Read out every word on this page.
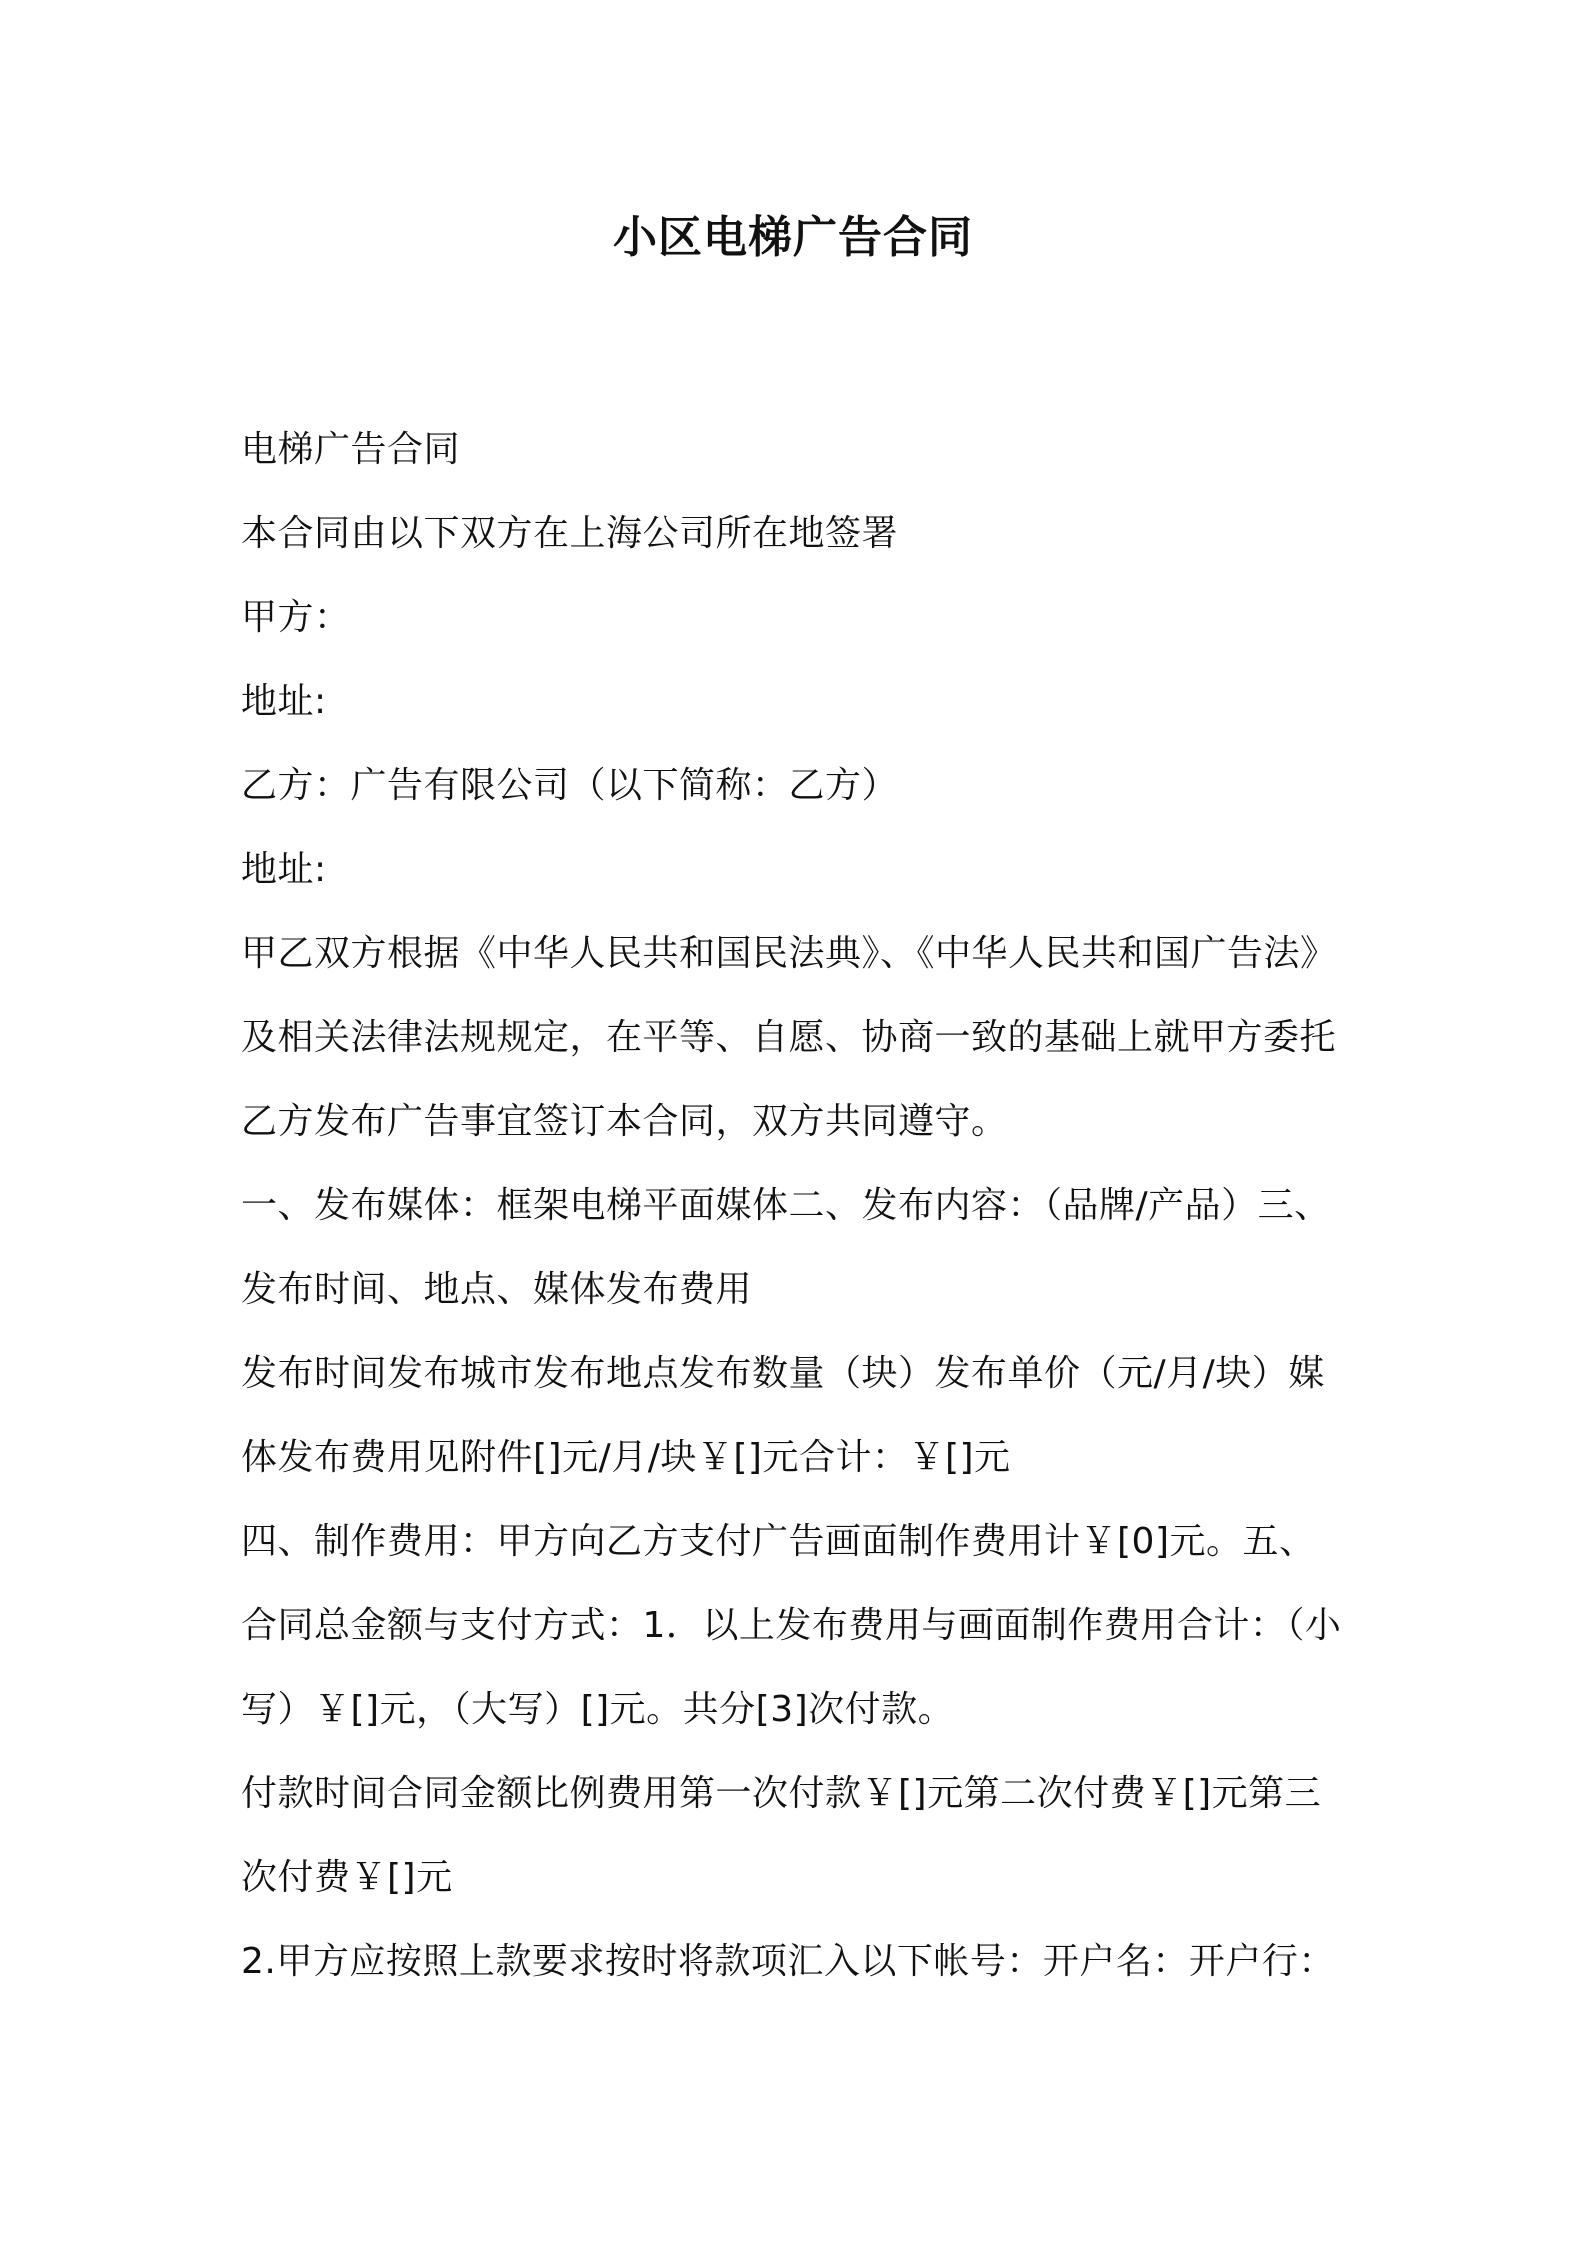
小区电梯广告合同
电梯广告合同
本合同由以下双方在上海公司所在地签署
甲方：
地址:
乙方：广告有限公司（以下简称：乙方）
地址:
甲乙双方根据《中华人民共和国民法典》、《中华人民共和国广告法》
及相关法律法规规定，在平等、自愿、协商一致的基础上就甲方委托
乙方发布广告事宜签订本合同，双方共同遵守。
一、发布媒体：框架电梯平面媒体二、发布内容：（品牌/产品）三、
发布时间、地点、媒体发布费用
发布时间发布城市发布地点发布数量（块）发布单价（元/月/块）媒
体发布费用见附件[]元/月/块￥[]元合计：￥[]元
四、制作费用：甲方向乙方支付广告画面制作费用计￥[0]元。五、
合同总金额与支付方式：1．以上发布费用与画面制作费用合计：（小
写）￥[]元，（大写）[]元。共分[3]次付款。
付款时间合同金额比例费用第一次付款￥[]元第二次付费￥[]元第三
次付费￥[]元
2.甲方应按照上款要求按时将款项汇入以下帐号：开户名：开户行：
